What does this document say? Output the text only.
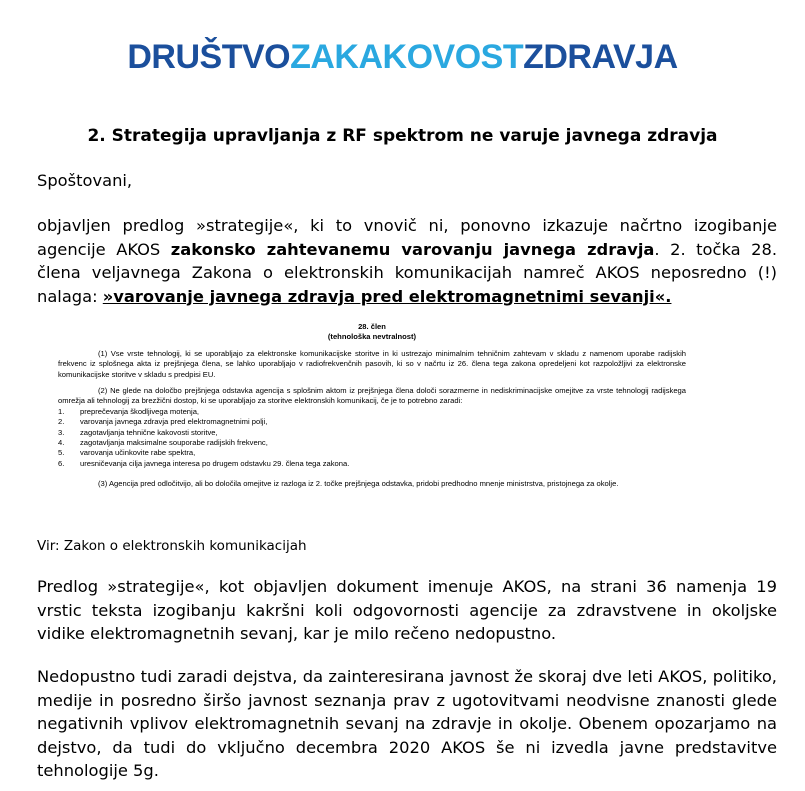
DRUŠTVOZAKAKOVOSTZDRAVJA
2. Strategija upravljanja z RF spektrom ne varuje javnega zdravja
Spoštovani,
objavljen predlog »strategije«, ki to vnovič ni, ponovno izkazuje načrtno izogibanje agencije AKOS zakonsko zahtevanemu varovanju javnega zdravja. 2. točka 28. člena veljavnega Zakona o elektronskih komunikacijah namreč AKOS neposredno (!) nalaga: »varovanje javnega zdravja pred elektromagnetnimi sevanji«.
28. člen
(tehnološka nevtralnost)
(1) Vse vrste tehnologij, ki se uporabljajo za elektronske komunikacijske storitve in ki ustrezajo minimalnim tehničnim zahtevam v skladu z namenom uporabe radijskih frekvenc iz splošnega akta iz prejšnjega člena, se lahko uporabljajo v radiofrekvenčnih pasovih, ki so v načrtu iz 26. člena tega zakona opredeljeni kot razpoložljivi za elektronske komunikacijske storitve v skladu s predpisi EU.
(2) Ne glede na določbo prejšnjega odstavka agencija s splošnim aktom iz prejšnjega člena določi sorazmerne in nediskriminacijske omejitve za vrste tehnologij radijskega omrežja ali tehnologij za brezžični dostop, ki se uporabljajo za storitve elektronskih komunikacij, če je to potrebno zaradi:
1.	preprečevanja škodljivega motenja,
2.	varovanja javnega zdravja pred elektromagnetnimi polji,
3.	zagotavljanja tehnične kakovosti storitve,
4.	zagotavljanja maksimalne souporabe radijskih frekvenc,
5.	varovanja učinkovite rabe spektra,
6.	uresničevanja cilja javnega interesa po drugem odstavku 29. člena tega zakona.
(3) Agencija pred odločitvijo, ali bo določila omejitve iz razloga iz 2. točke prejšnjega odstavka, pridobi predhodno mnenje ministrstva, pristojnega za okolje.
Vir: Zakon o elektronskih komunikacijah
Predlog »strategije«, kot objavljen dokument imenuje AKOS, na strani 36 namenja 19 vrstic teksta izogibanju kakršni koli odgovornosti agencije za zdravstvene in okoljske vidike elektromagnetnih sevanj, kar je milo rečeno nedopustno.
Nedopustno tudi zaradi dejstva, da zainteresirana javnost že skoraj dve leti AKOS, politiko, medije in posredno širšo javnost seznanja prav z ugotovitvami neodvisne znanosti glede negativnih vplivov elektromagnetnih sevanj na zdravje in okolje. Obenem opozarjamo na dejstvo, da tudi do vključno decembra 2020 AKOS še ni izvedla javne predstavitve tehnologije 5g.
